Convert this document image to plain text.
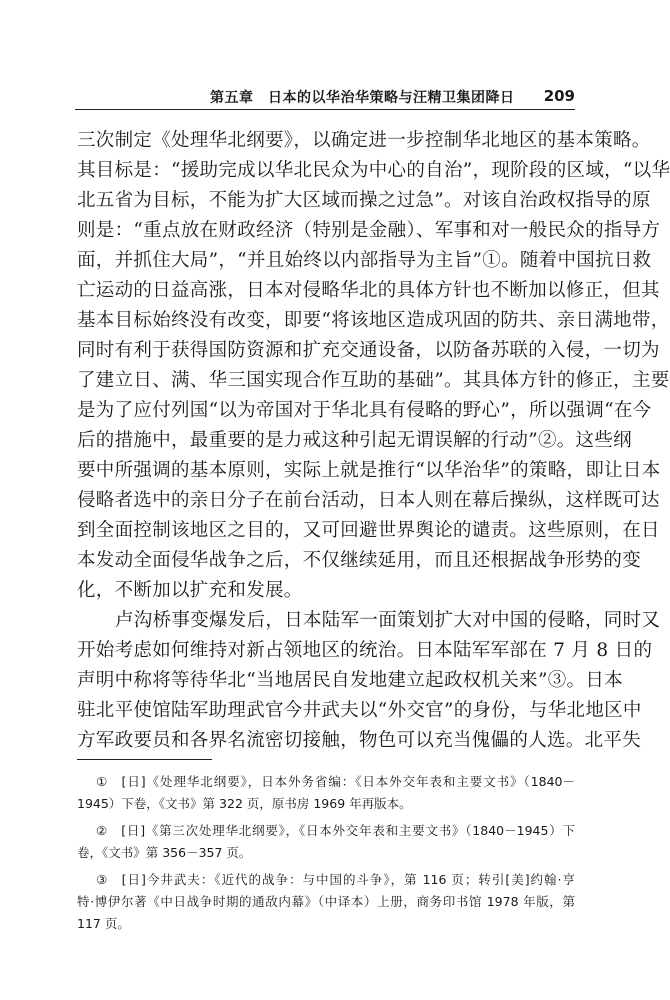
第五章　日本的以华治华策略与汪精卫集团降日 209
三次制定《处理华北纲要》，以确定进一步控制华北地区的基本策略。
其目标是：“援助完成以华北民众为中心的自治”，现阶段的区域，“以华
北五省为目标，不能为扩大区域而操之过急”。对该自治政权指导的原
则是：“重点放在财政经济（特别是金融）、军事和对一般民众的指导方
面，并抓住大局”，“并且始终以内部指导为主旨”①。随着中国抗日救
亡运动的日益高涨，日本对侵略华北的具体方针也不断加以修正，但其
基本目标始终没有改变，即要“将该地区造成巩固的防共、亲日满地带，
同时有利于获得国防资源和扩充交通设备，以防备苏联的入侵，一切为
了建立日、满、华三国实现合作互助的基础”。其具体方针的修正，主要
是为了应付列国“以为帝国对于华北具有侵略的野心”，所以强调“在今
后的措施中，最重要的是力戒这种引起无谓误解的行动”②。这些纲
要中所强调的基本原则，实际上就是推行“以华治华”的策略，即让日本
侵略者选中的亲日分子在前台活动，日本人则在幕后操纵，这样既可达
到全面控制该地区之目的，又可回避世界舆论的谴责。这些原则，在日
本发动全面侵华战争之后，不仅继续延用，而且还根据战争形势的变
化，不断加以扩充和发展。
卢沟桥事变爆发后，日本陆军一面策划扩大对中国的侵略，同时又
开始考虑如何维持对新占领地区的统治。日本陆军军部在 7 月 8 日的
声明中称将等待华北“当地居民自发地建立起政权机关来”③。日本
驻北平使馆陆军助理武官今井武夫以“外交官”的身份，与华北地区中
方军政要员和各界名流密切接触，物色可以充当傀儡的人选。北平失
①　[日]《处理华北纲要》，日本外务省编：《日本外交年表和主要文书》（1840－
1945）下卷，《文书》第 322 页，原书房 1969 年再版本。
②　[日]《第三次处理华北纲要》，《日本外交年表和主要文书》（1840－1945）下
卷，《文书》第 356－357 页。
③　[日]今井武夫：《近代的战争：与中国的斗争》，第 116 页；转引[美]约翰·亨
特·博伊尔著《中日战争时期的通敌内幕》（中译本）上册，商务印书馆 1978 年版，第
117 页。
